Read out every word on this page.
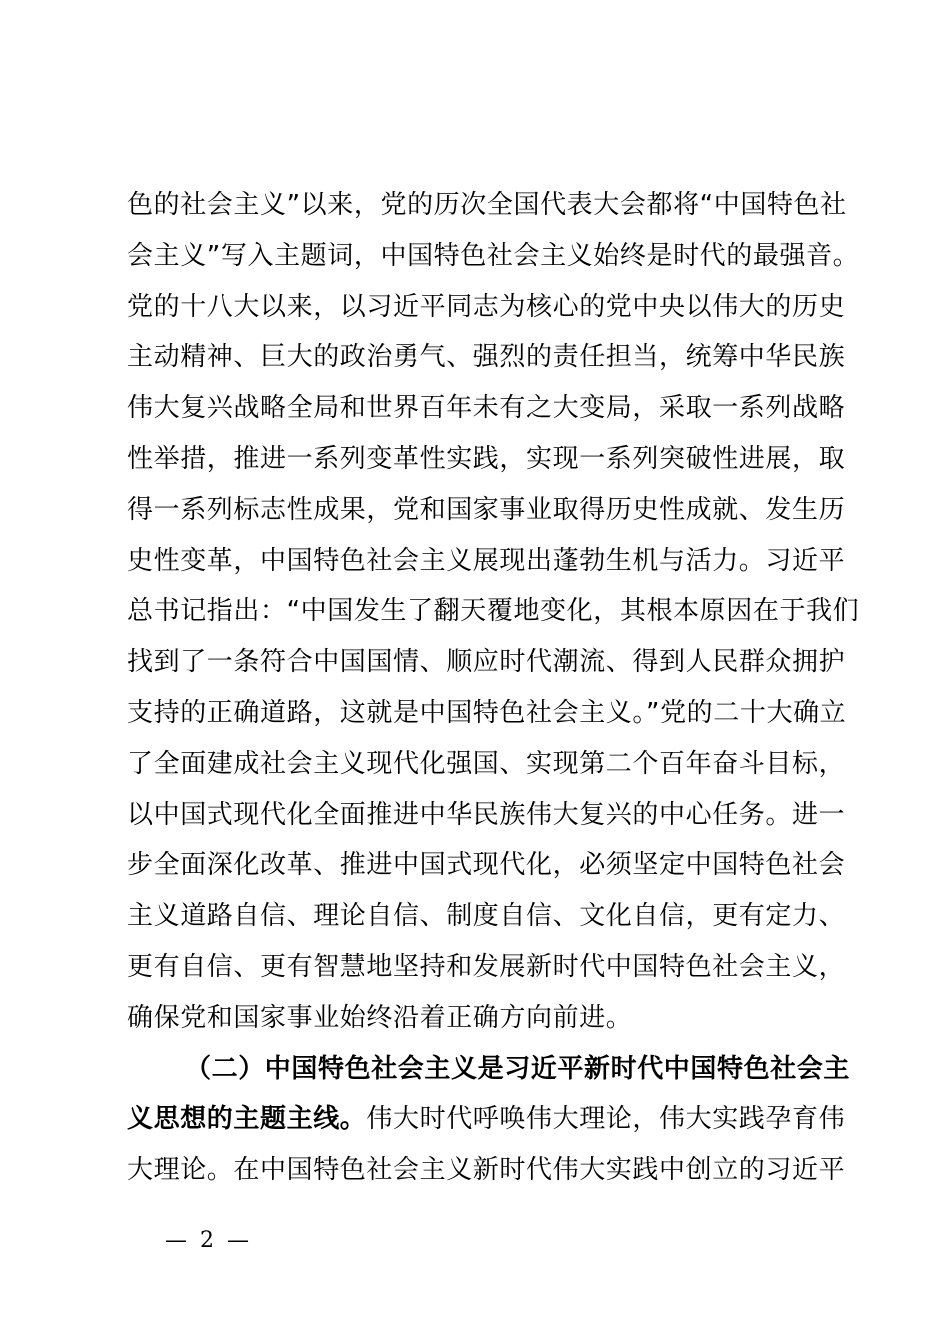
色的社会主义”以来，党的历次全国代表大会都将“中国特色社
会主义”写入主题词，中国特色社会主义始终是时代的最强音。
党的十八大以来，以习近平同志为核心的党中央以伟大的历史
主动精神、巨大的政治勇气、强烈的责任担当，统筹中华民族
伟大复兴战略全局和世界百年未有之大变局，采取一系列战略
性举措，推进一系列变革性实践，实现一系列突破性进展，取
得一系列标志性成果，党和国家事业取得历史性成就、发生历
史性变革，中国特色社会主义展现出蓬勃生机与活力。习近平
总书记指出：“中国发生了翻天覆地变化，其根本原因在于我们
找到了一条符合中国国情、顺应时代潮流、得到人民群众拥护
支持的正确道路，这就是中国特色社会主义。”党的二十大确立
了全面建成社会主义现代化强国、实现第二个百年奋斗目标，
以中国式现代化全面推进中华民族伟大复兴的中心任务。进一
步全面深化改革、推进中国式现代化，必须坚定中国特色社会
主义道路自信、理论自信、制度自信、文化自信，更有定力、
更有自信、更有智慧地坚持和发展新时代中国特色社会主义，
确保党和国家事业始终沿着正确方向前进。
（二）中国特色社会主义是习近平新时代中国特色社会主
义思想的主题主线。伟大时代呼唤伟大理论，伟大实践孕育伟
大理论。在中国特色社会主义新时代伟大实践中创立的习近平
— 2 —
